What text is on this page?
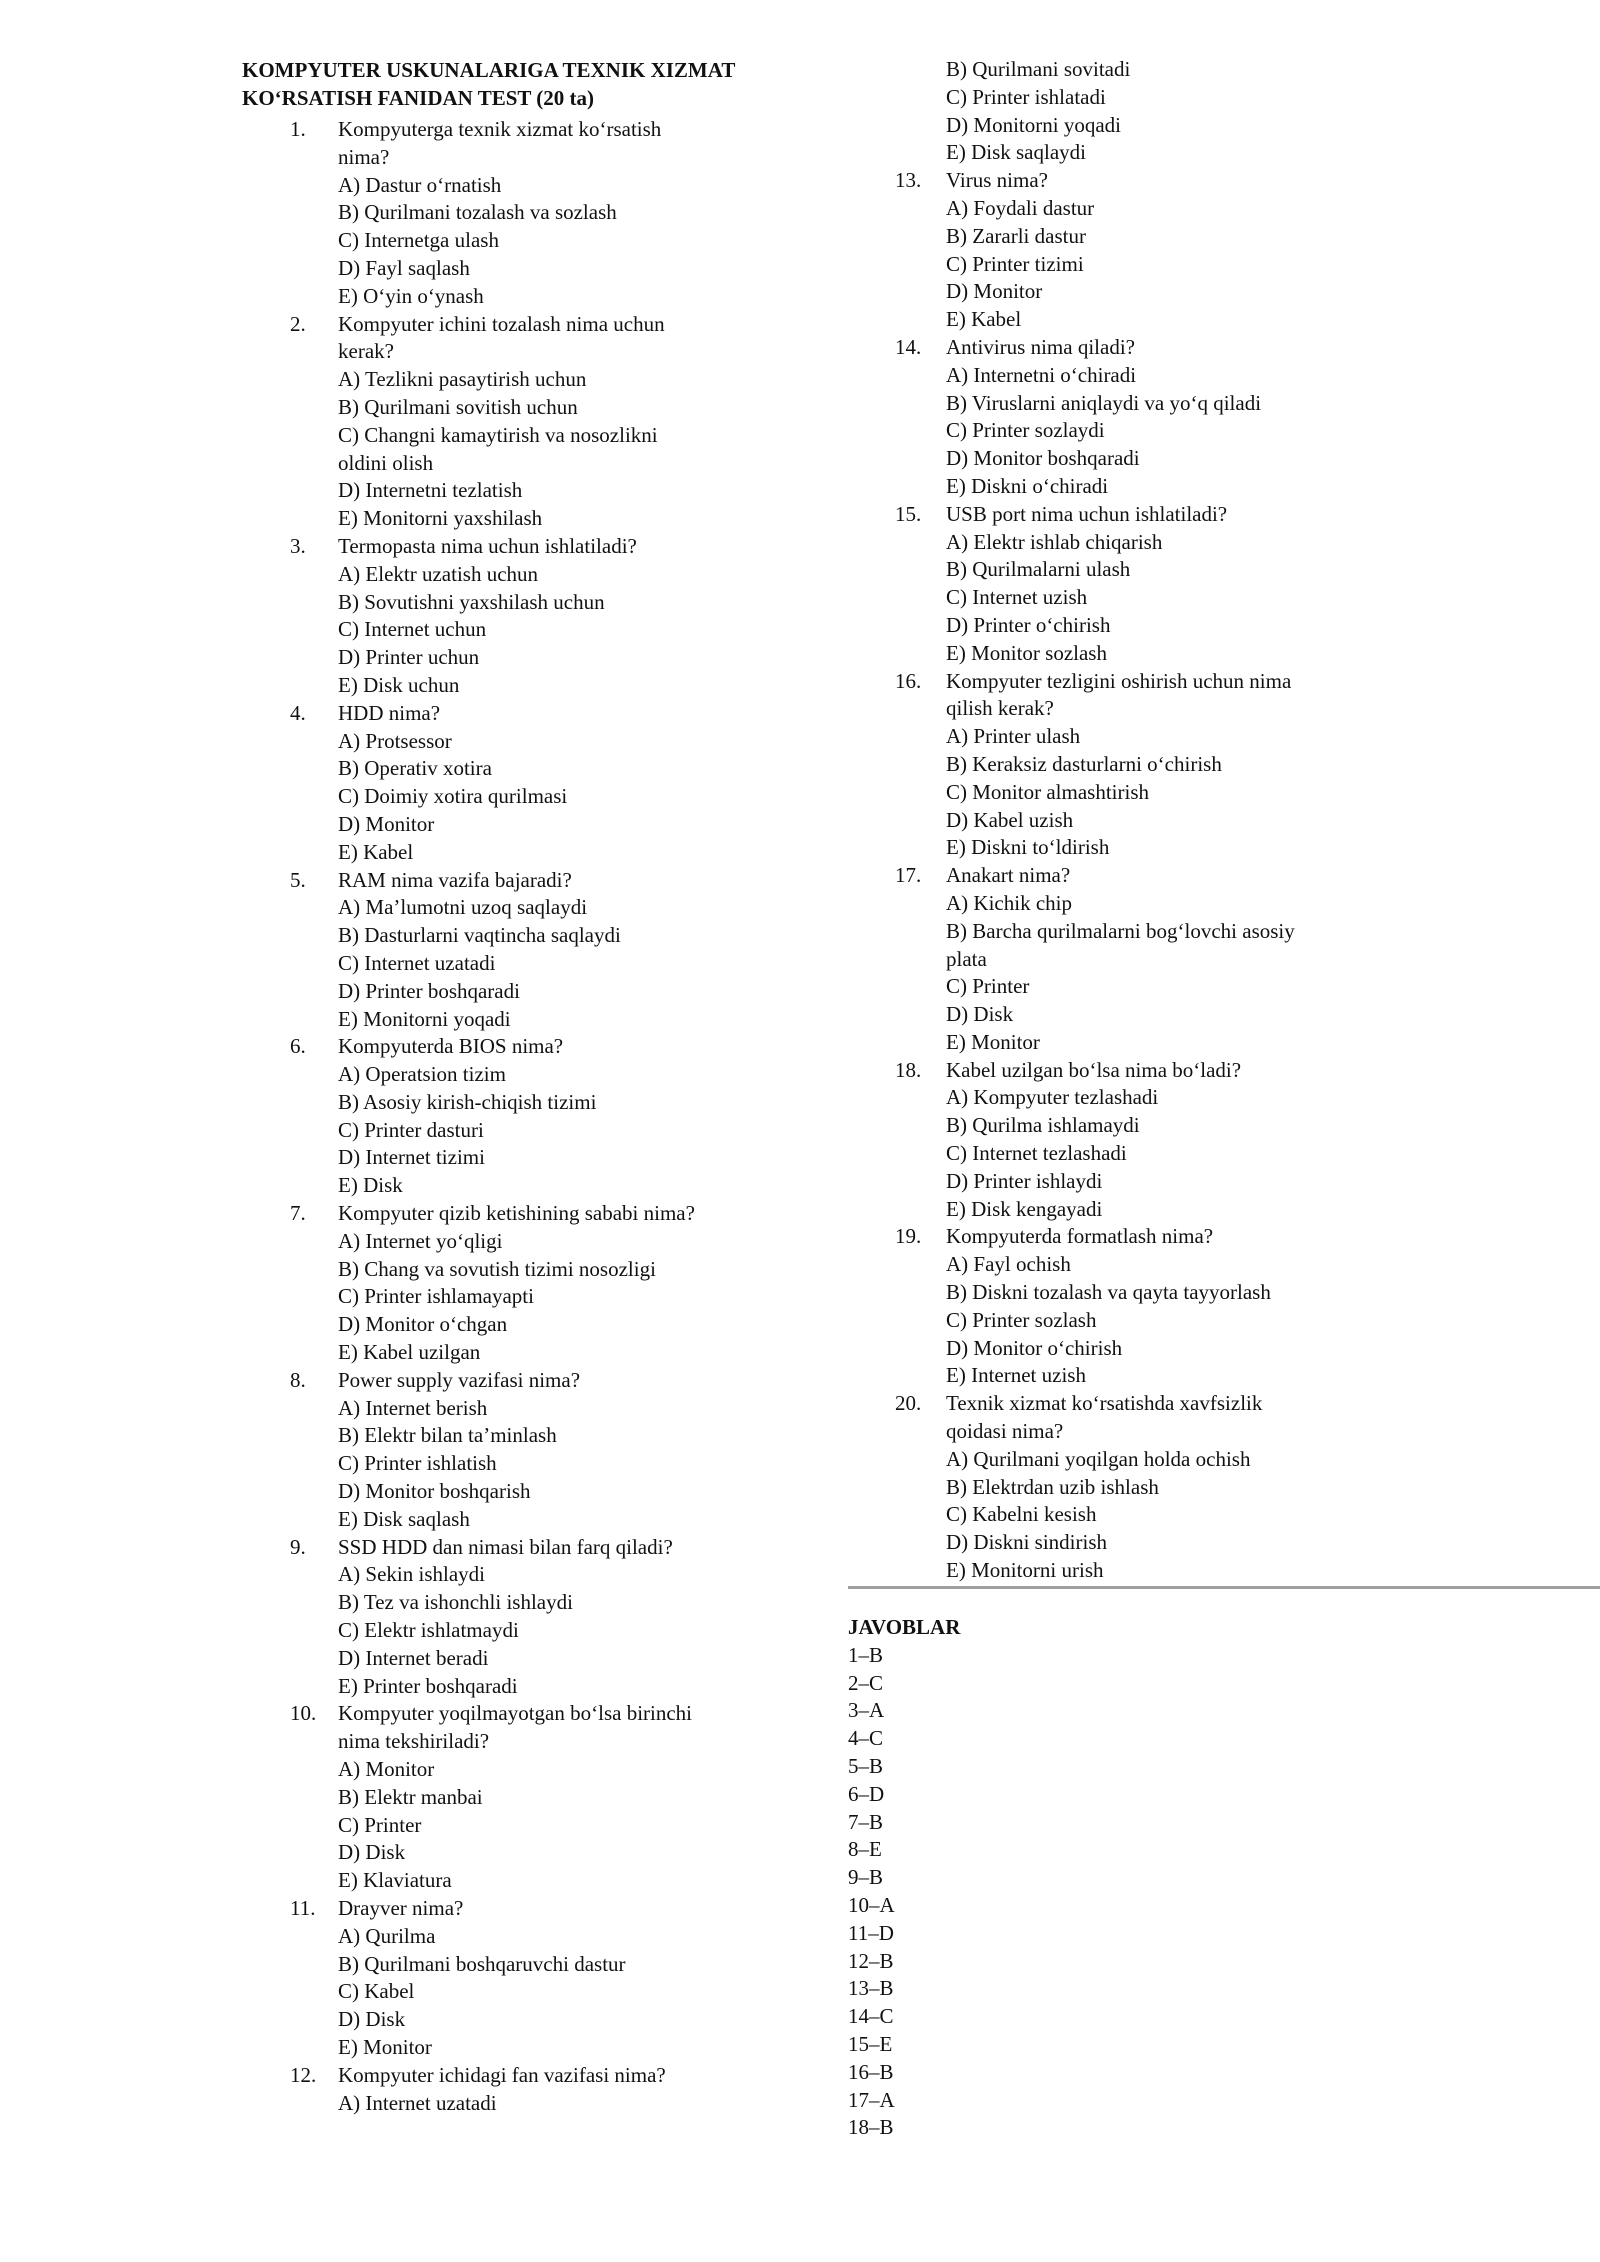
KOMPYUTER USKUNALARIGA TEXNIK XIZMAT KO‘RSATISH FANIDAN TEST (20 ta)
1. Kompyuterga texnik xizmat ko‘rsatish
nima?
A) Dastur o‘rnatish
B) Qurilmani tozalash va sozlash
C) Internetga ulash
D) Fayl saqlash
E) O‘yin o‘ynash
2. Kompyuter ichini tozalash nima uchun
kerak?
A) Tezlikni pasaytirish uchun
B) Qurilmani sovitish uchun
C) Changni kamaytirish va nosozlikni
oldini olish
D) Internetni tezlatish
E) Monitorni yaxshilash
3. Termopasta nima uchun ishlatiladi?
A) Elektr uzatish uchun
B) Sovutishni yaxshilash uchun
C) Internet uchun
D) Printer uchun
E) Disk uchun
4. HDD nima?
A) Protsessor
B) Operativ xotira
C) Doimiy xotira qurilmasi
D) Monitor
E) Kabel
5. RAM nima vazifa bajaradi?
A) Ma’lumotni uzoq saqlaydi
B) Dasturlarni vaqtincha saqlaydi
C) Internet uzatadi
D) Printer boshqaradi
E) Monitorni yoqadi
6. Kompyuterda BIOS nima?
A) Operatsion tizim
B) Asosiy kirish-chiqish tizimi
C) Printer dasturi
D) Internet tizimi
E) Disk
7. Kompyuter qizib ketishining sababi nima?
A) Internet yo‘qligi
B) Chang va sovutish tizimi nosozligi
C) Printer ishlamayapti
D) Monitor o‘chgan
E) Kabel uzilgan
8. Power supply vazifasi nima?
A) Internet berish
B) Elektr bilan ta’minlash
C) Printer ishlatish
D) Monitor boshqarish
E) Disk saqlash
9. SSD HDD dan nimasi bilan farq qiladi?
A) Sekin ishlaydi
B) Tez va ishonchli ishlaydi
C) Elektr ishlatmaydi
D) Internet beradi
E) Printer boshqaradi
10. Kompyuter yoqilmayotgan bo‘lsa birinchi
nima tekshiriladi?
A) Monitor
B) Elektr manbai
C) Printer
D) Disk
E) Klaviatura
11. Drayver nima?
A) Qurilma
B) Qurilmani boshqaruvchi dastur
C) Kabel
D) Disk
E) Monitor
12. Kompyuter ichidagi fan vazifasi nima?
A) Internet uzatadi
B) Qurilmani sovitadi
C) Printer ishlatadi
D) Monitorni yoqadi
E) Disk saqlaydi
13. Virus nima?
A) Foydali dastur
B) Zararli dastur
C) Printer tizimi
D) Monitor
E) Kabel
14. Antivirus nima qiladi?
A) Internetni o‘chiradi
B) Viruslarni aniqlaydi va yo‘q qiladi
C) Printer sozlaydi
D) Monitor boshqaradi
E) Diskni o‘chiradi
15. USB port nima uchun ishlatiladi?
A) Elektr ishlab chiqarish
B) Qurilmalarni ulash
C) Internet uzish
D) Printer o‘chirish
E) Monitor sozlash
16. Kompyuter tezligini oshirish uchun nima
qilish kerak?
A) Printer ulash
B) Keraksiz dasturlarni o‘chirish
C) Monitor almashtirish
D) Kabel uzish
E) Diskni to‘ldirish
17. Anakart nima?
A) Kichik chip
B) Barcha qurilmalarni bog‘lovchi asosiy
plata
C) Printer
D) Disk
E) Monitor
18. Kabel uzilgan bo‘lsa nima bo‘ladi?
A) Kompyuter tezlashadi
B) Qurilma ishlamaydi
C) Internet tezlashadi
D) Printer ishlaydi
E) Disk kengayadi
19. Kompyuterda formatlash nima?
A) Fayl ochish
B) Diskni tozalash va qayta tayyorlash
C) Printer sozlash
D) Monitor o‘chirish
E) Internet uzish
20. Texnik xizmat ko‘rsatishda xavfsizlik
qoidasi nima?
A) Qurilmani yoqilgan holda ochish
B) Elektrdan uzib ishlash
C) Kabelni kesish
D) Diskni sindirish
E) Monitorni urish
JAVOBLAR
1–B
2–C
3–A
4–C
5–B
6–D
7–B
8–E
9–B
10–A
11–D
12–B
13–B
14–C
15–E
16–B
17–A
18–B
